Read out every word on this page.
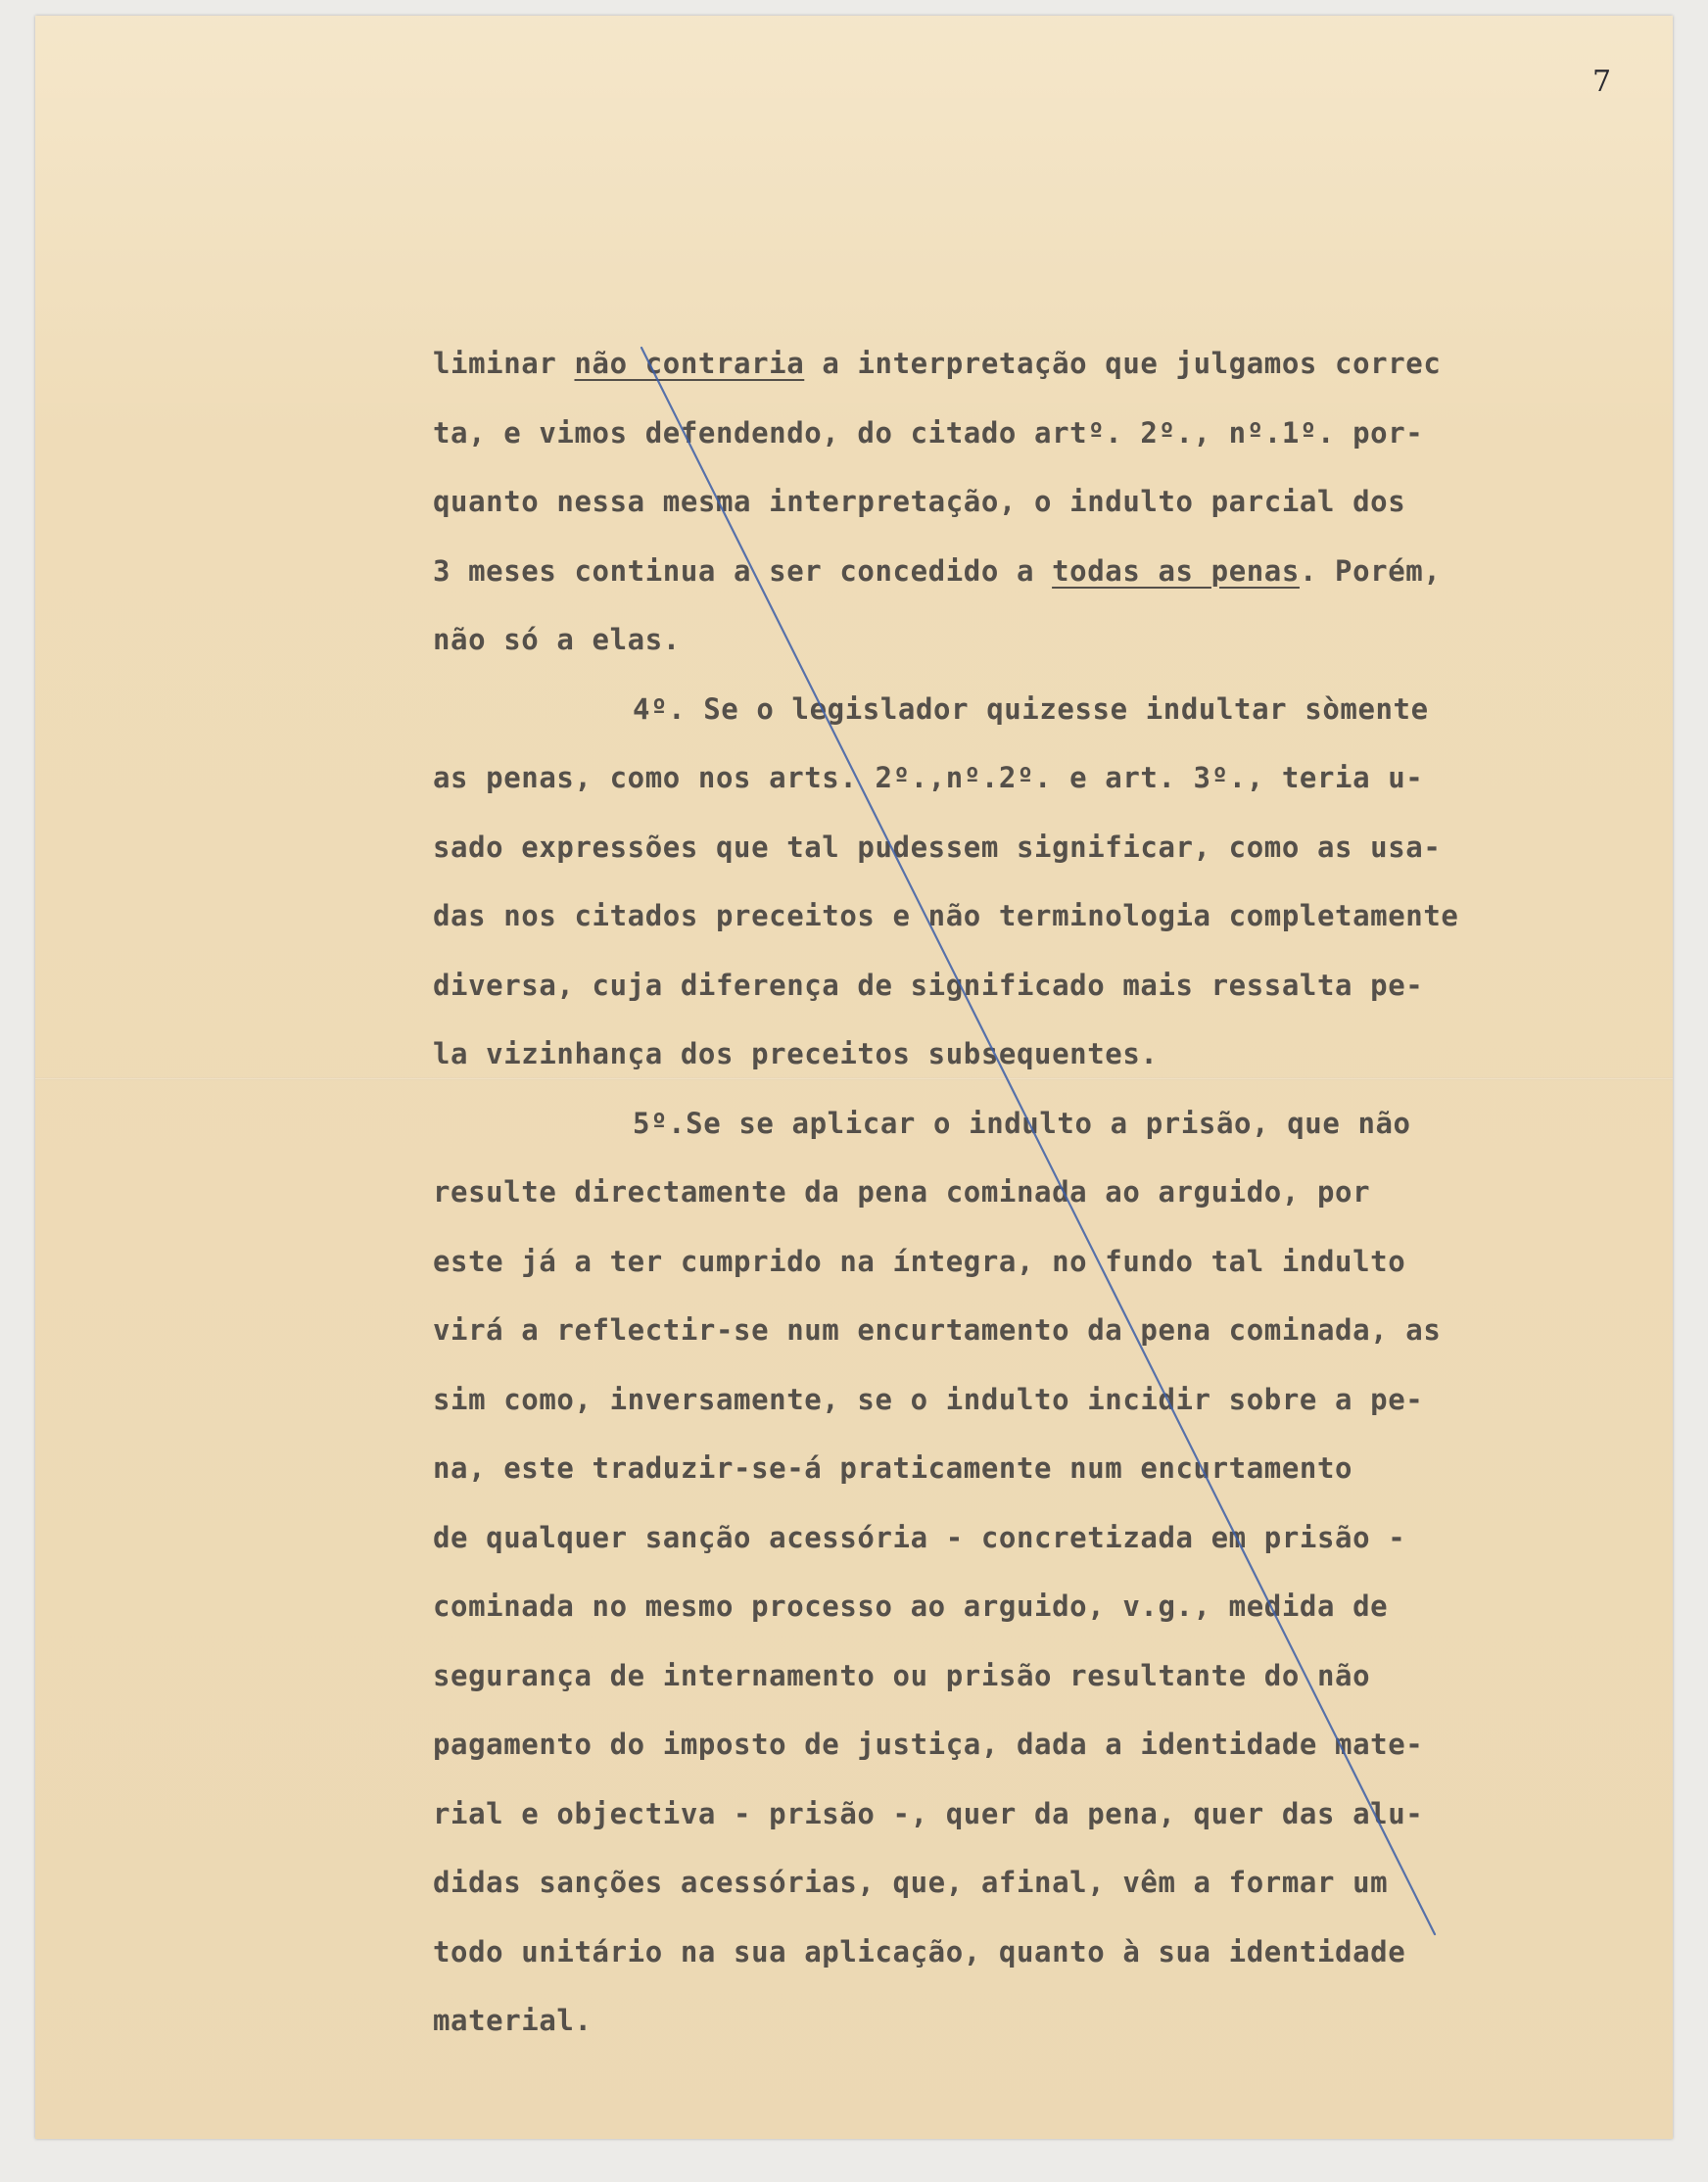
7
liminar não contraria a interpretação que julgamos correc
ta, e vimos defendendo, do citado artº. 2º., nº.1º. por-
quanto nessa mesma interpretação, o indulto parcial dos
3 meses continua a ser concedido a todas as penas. Porém,
não só a elas.
4º. Se o legislador quizesse indultar sòmente
as penas, como nos arts. 2º.,nº.2º. e art. 3º., teria u-
sado expressões que tal pudessem significar, como as usa-
das nos citados preceitos e não terminologia completamente
diversa, cuja diferença de significado mais ressalta pe-
la vizinhança dos preceitos subsequentes.
5º.Se se aplicar o indulto a prisão, que não
resulte directamente da pena cominada ao arguido, por
este já a ter cumprido na íntegra, no fundo tal indulto
virá a reflectir-se num encurtamento da pena cominada, as
sim como, inversamente, se o indulto incidir sobre a pe-
na, este traduzir-se-á praticamente num encurtamento
de qualquer sanção acessória - concretizada em prisão -
cominada no mesmo processo ao arguido, v.g., medida de
segurança de internamento ou prisão resultante do não
pagamento do imposto de justiça, dada a identidade mate-
rial e objectiva - prisão -, quer da pena, quer das alu-
didas sanções acessórias, que, afinal, vêm a formar um
todo unitário na sua aplicação, quanto à sua identidade
material.
